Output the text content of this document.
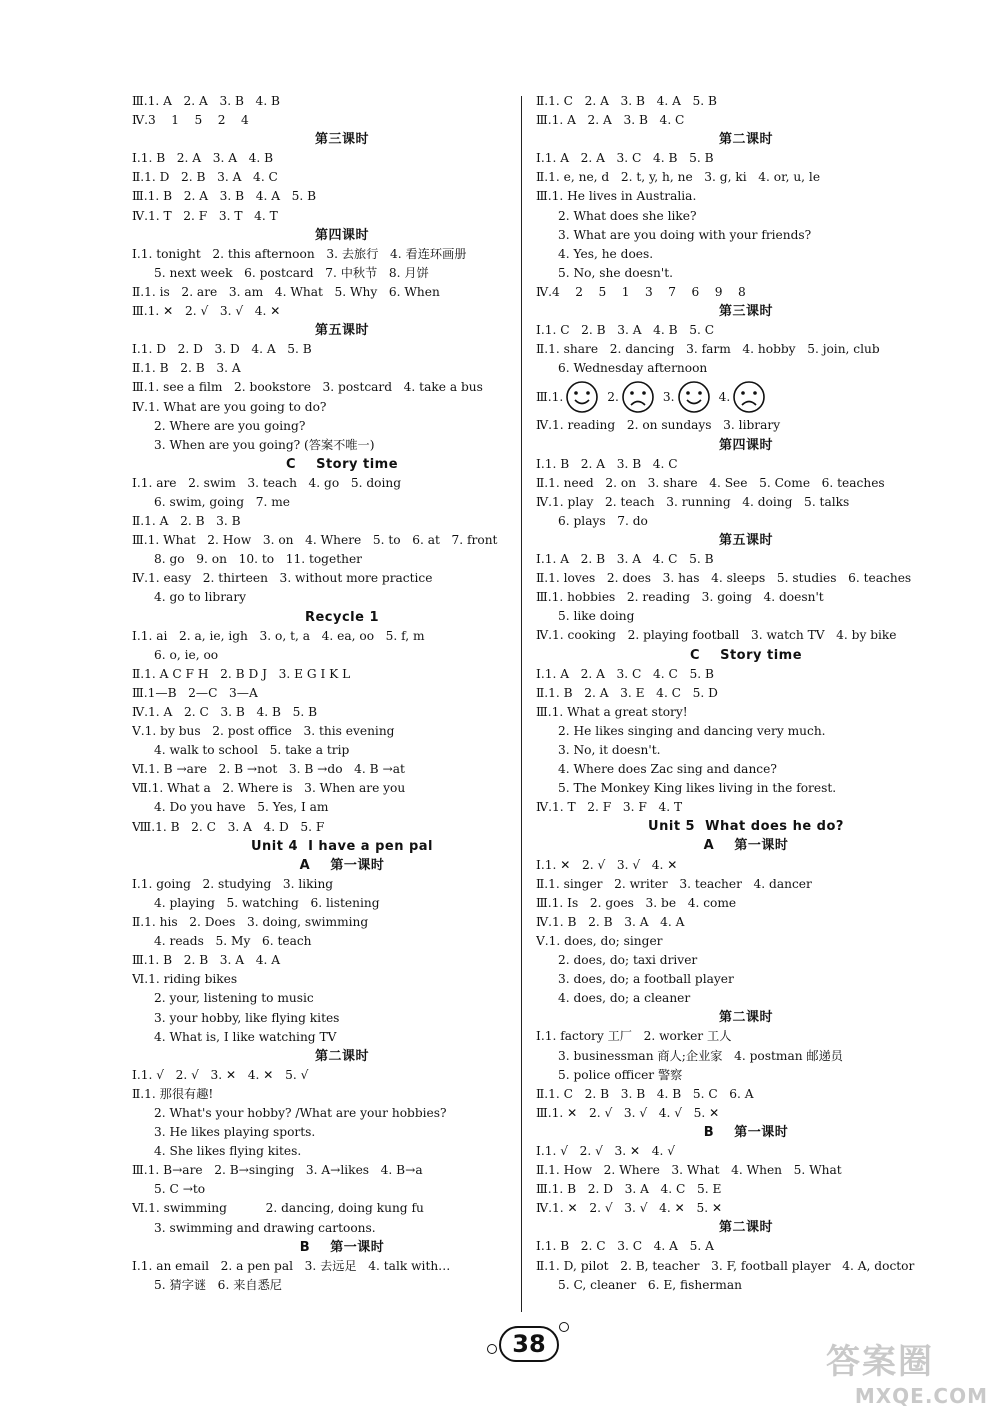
Ⅲ.1. A   2. A   3. B   4. B
Ⅳ.3    1    5    2    4
第三课时
Ⅰ.1. B   2. A   3. A   4. B
Ⅱ.1. D   2. B   3. A   4. C
Ⅲ.1. B   2. A   3. B   4. A   5. B
Ⅳ.1. T   2. F   3. T   4. T
第四课时
Ⅰ.1. tonight   2. this afternoon   3. 去旅行   4. 看连环画册
5. next week   6. postcard   7. 中秋节   8. 月饼
Ⅱ.1. is   2. are   3. am   4. What   5. Why   6. When
Ⅲ.1. ✕   2. √   3. √   4. ✕
第五课时
Ⅰ.1. D   2. D   3. D   4. A   5. B
Ⅱ.1. B   2. B   3. A
Ⅲ.1. see a film   2. bookstore   3. postcard   4. take a bus
Ⅳ.1. What are you going to do?
2. Where are you going?
3. When are you going? (答案不唯一)
C    Story time
Ⅰ.1. are   2. swim   3. teach   4. go   5. doing
6. swim, going   7. me
Ⅱ.1. A   2. B   3. B
Ⅲ.1. What   2. How   3. on   4. Where   5. to   6. at   7. front
8. go   9. on   10. to   11. together
Ⅳ.1. easy   2. thirteen   3. without more practice
4. go to library
Recycle 1
Ⅰ.1. ai   2. a, ie, igh   3. o, t, a   4. ea, oo   5. f, m
6. o, ie, oo
Ⅱ.1. A C F H   2. B D J   3. E G I K L
Ⅲ.1—B   2—C   3—A
Ⅳ.1. A   2. C   3. B   4. B   5. B
Ⅴ.1. by bus   2. post office   3. this evening
4. walk to school   5. take a trip
Ⅵ.1. B →are   2. B →not   3. B →do   4. B →at
Ⅶ.1. What a   2. Where is   3. When are you
4. Do you have   5. Yes, I am
Ⅷ.1. B   2. C   3. A   4. D   5. F
Unit 4  I have a pen pal
A    第一课时
Ⅰ.1. going   2. studying   3. liking
4. playing   5. watching   6. listening
Ⅱ.1. his   2. Does   3. doing, swimming
4. reads   5. My   6. teach
Ⅲ.1. B   2. B   3. A   4. A
Ⅵ.1. riding bikes
2. your, listening to music
3. your hobby, like flying kites
4. What is, I like watching TV
第二课时
Ⅰ.1. √   2. √   3. ✕   4. ✕   5. √
Ⅱ.1. 那很有趣!
2. What's your hobby? /What are your hobbies?
3. He likes playing sports.
4. She likes flying kites.
Ⅲ.1. B→are   2. B→singing   3. A→likes   4. B→a
5. C →to
Ⅵ.1. swimming          2. dancing, doing kung fu
3. swimming and drawing cartoons.
B    第一课时
Ⅰ.1. an email   2. a pen pal   3. 去远足   4. talk with…
5. 猜字谜   6. 来自悉尼
Ⅱ.1. C   2. A   3. B   4. A   5. B
Ⅲ.1. A   2. A   3. B   4. C
第二课时
Ⅰ.1. A   2. A   3. C   4. B   5. B
Ⅱ.1. e, ne, d   2. t, y, h, ne   3. g, ki   4. or, u, le
Ⅲ.1. He lives in Australia.
2. What does she like?
3. What are you doing with your friends?
4. Yes, he does.
5. No, she doesn't.
Ⅳ.4    2    5    1    3    7    6    9    8
第三课时
Ⅰ.1. C   2. B   3. A   4. B   5. C
Ⅱ.1. share   2. dancing   3. farm   4. hobby   5. join, club
6. Wednesday afternoon
Ⅲ. 1.	2.	3.	4.
Ⅳ.1. reading   2. on sundays   3. library
第四课时
Ⅰ.1. B   2. A   3. B   4. C
Ⅱ.1. need   2. on   3. share   4. See   5. Come   6. teaches
Ⅳ.1. play   2. teach   3. running   4. doing   5. talks
6. plays   7. do
第五课时
Ⅰ.1. A   2. B   3. A   4. C   5. B
Ⅱ.1. loves   2. does   3. has   4. sleeps   5. studies   6. teaches
Ⅲ.1. hobbies   2. reading   3. going   4. doesn't
5. like doing
Ⅳ.1. cooking   2. playing football   3. watch TV   4. by bike
C    Story time
Ⅰ.1. A   2. A   3. C   4. C   5. B
Ⅱ.1. B   2. A   3. E   4. C   5. D
Ⅲ.1. What a great story!
2. He likes singing and dancing very much.
3. No, it doesn't.
4. Where does Zac sing and dance?
5. The Monkey King likes living in the forest.
Ⅳ.1. T   2. F   3. F   4. T
Unit 5  What does he do?
A    第一课时
Ⅰ.1. ✕   2. √   3. √   4. ✕
Ⅱ.1. singer   2. writer   3. teacher   4. dancer
Ⅲ.1. Is   2. goes   3. be   4. come
Ⅳ.1. B   2. B   3. A   4. A
Ⅴ.1. does, do; singer
2. does, do; taxi driver
3. does, do; a football player
4. does, do; a cleaner
第二课时
Ⅰ.1. factory 工厂   2. worker 工人
3. businessman 商人;企业家   4. postman 邮递员
5. police officer 警察
Ⅱ.1. C   2. B   3. B   4. B   5. C   6. A
Ⅲ.1. ✕   2. √   3. √   4. √   5. ✕
B    第一课时
Ⅰ.1. √   2. √   3. ✕   4. √
Ⅱ.1. How   2. Where   3. What   4. When   5. What
Ⅲ.1. B   2. D   3. A   4. C   5. E
Ⅳ.1. ✕   2. √   3. √   4. ✕   5. ✕
第二课时
Ⅰ.1. B   2. C   3. C   4. A   5. A
Ⅱ.1. D, pilot   2. B, teacher   3. F, football player   4. A, doctor
5. C, cleaner   6. E, fisherman
38	答案圈
MXQE.COM
